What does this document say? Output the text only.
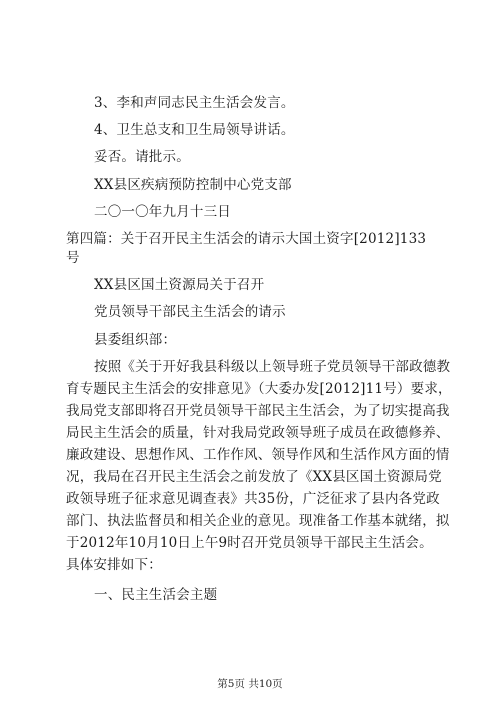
3、李和声同志民主生活会发言。
4、卫生总支和卫生局领导讲话。
妥否。请批示。
XX县区疾病预防控制中心党支部
二〇一〇年九月十三日
第四篇：关于召开民主生活会的请示大国土资字[2012]133
号
XX县区国土资源局关于召开
党员领导干部民主生活会的请示
县委组织部：
按照《关于开好我县科级以上领导班子党员领导干部政德教
育专题民主生活会的安排意见》（大委办发[2012]11号）要求，
我局党支部即将召开党员领导干部民主生活会，为了切实提高我
局民主生活会的质量，针对我局党政领导班子成员在政德修养、
廉政建设、思想作风、工作作风、领导作风和生活作风方面的情
况，我局在召开民主生活会之前发放了《XX县区国土资源局党
政领导班子征求意见调查表》共35份，广泛征求了县内各党政
部门、执法监督员和相关企业的意见。现准备工作基本就绪，拟
于2012年10月10日上午9时召开党员领导干部民主生活会。
具体安排如下：
一、民主生活会主题
第5页 共10页
